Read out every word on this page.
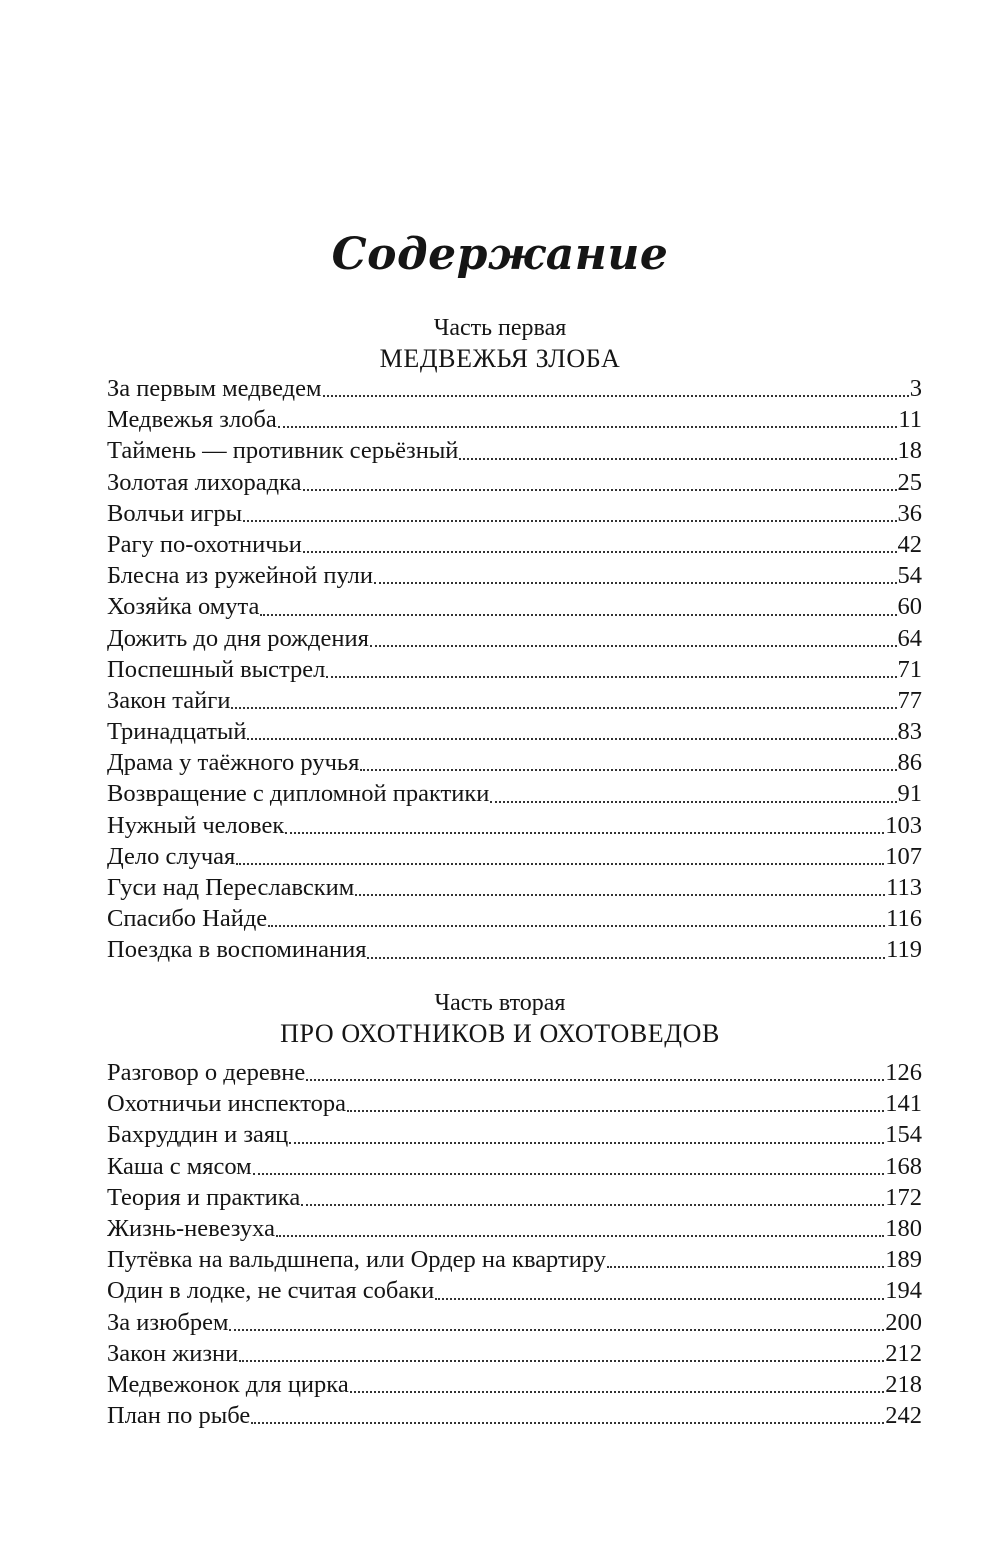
Содержание
Часть первая
МЕДВЕЖЬЯ ЗЛОБА
За первым медведем	3
Медвежья злоба	11
Таймень — противник серьёзный	18
Золотая лихорадка	25
Волчьи игры	36
Рагу по-охотничьи	42
Блесна из ружейной пули	54
Хозяйка омута	60
Дожить до дня рождения	64
Поспешный выстрел	71
Закон тайги	77
Тринадцатый	83
Драма у таёжного ручья	86
Возвращение с дипломной практики	91
Нужный человек	103
Дело случая	107
Гуси над Переславским	113
Спасибо Найде	116
Поездка в воспоминания	119
Часть вторая
ПРО ОХОТНИКОВ И ОХОТОВЕДОВ
Разговор о деревне	126
Охотничьи инспектора	141
Бахруддин и заяц	154
Каша с мясом	168
Теория и практика	172
Жизнь-невезуха	180
Путёвка на вальдшнепа, или Ордер на квартиру	189
Один в лодке, не считая собаки	194
За изюбрем	200
Закон жизни	212
Медвежонок для цирка	218
План по рыбе	242
